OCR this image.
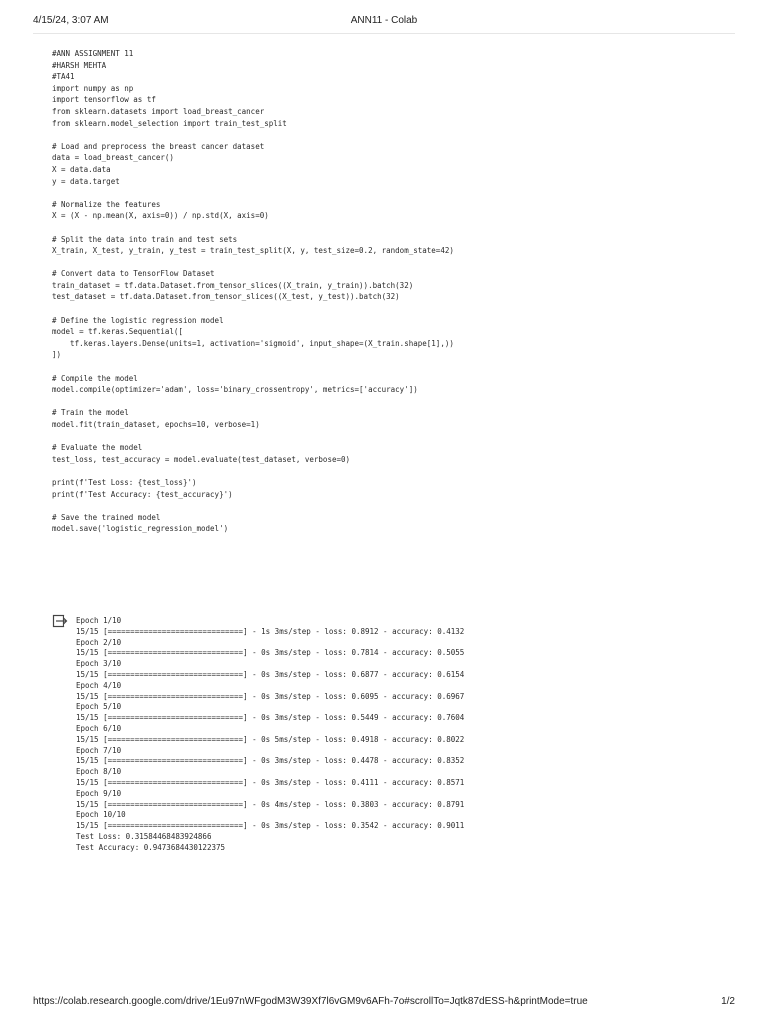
4/15/24, 3:07 AM	ANN11 - Colab
#ANN ASSIGNMENT 11
#HARSH MEHTA
#TA41
import numpy as np
import tensorflow as tf
from sklearn.datasets import load_breast_cancer
from sklearn.model_selection import train_test_split

# Load and preprocess the breast cancer dataset
data = load_breast_cancer()
X = data.data
y = data.target

# Normalize the features
X = (X - np.mean(X, axis=0)) / np.std(X, axis=0)

# Split the data into train and test sets
X_train, X_test, y_train, y_test = train_test_split(X, y, test_size=0.2, random_state=42)

# Convert data to TensorFlow Dataset
train_dataset = tf.data.Dataset.from_tensor_slices((X_train, y_train)).batch(32)
test_dataset = tf.data.Dataset.from_tensor_slices((X_test, y_test)).batch(32)

# Define the logistic regression model
model = tf.keras.Sequential([
tf.keras.layers.Dense(units=1, activation='sigmoid', input_shape=(X_train.shape[1],))
])

# Compile the model
model.compile(optimizer='adam', loss='binary_crossentropy', metrics=['accuracy'])

# Train the model
model.fit(train_dataset, epochs=10, verbose=1)

# Evaluate the model
test_loss, test_accuracy = model.evaluate(test_dataset, verbose=0)

print(f'Test Loss: {test_loss}')
print(f'Test Accuracy: {test_accuracy}')

# Save the trained model
model.save('logistic_regression_model')
Epoch 1/10
15/15 [==============================] - 1s 3ms/step - loss: 0.8912 - accuracy: 0.4132
Epoch 2/10
15/15 [==============================] - 0s 3ms/step - loss: 0.7814 - accuracy: 0.5055
Epoch 3/10
15/15 [==============================] - 0s 3ms/step - loss: 0.6877 - accuracy: 0.6154
Epoch 4/10
15/15 [==============================] - 0s 3ms/step - loss: 0.6095 - accuracy: 0.6967
Epoch 5/10
15/15 [==============================] - 0s 3ms/step - loss: 0.5449 - accuracy: 0.7604
Epoch 6/10
15/15 [==============================] - 0s 5ms/step - loss: 0.4918 - accuracy: 0.8022
Epoch 7/10
15/15 [==============================] - 0s 3ms/step - loss: 0.4478 - accuracy: 0.8352
Epoch 8/10
15/15 [==============================] - 0s 3ms/step - loss: 0.4111 - accuracy: 0.8571
Epoch 9/10
15/15 [==============================] - 0s 4ms/step - loss: 0.3803 - accuracy: 0.8791
Epoch 10/10
15/15 [==============================] - 0s 3ms/step - loss: 0.3542 - accuracy: 0.9011
Test Loss: 0.31584468483924866
Test Accuracy: 0.9473684430122375
https://colab.research.google.com/drive/1Eu97nWFgodM3W39Xf7l6vGM9v6AFh-7o#scrollTo=Jqtk87dESS-h&printMode=true	1/2
